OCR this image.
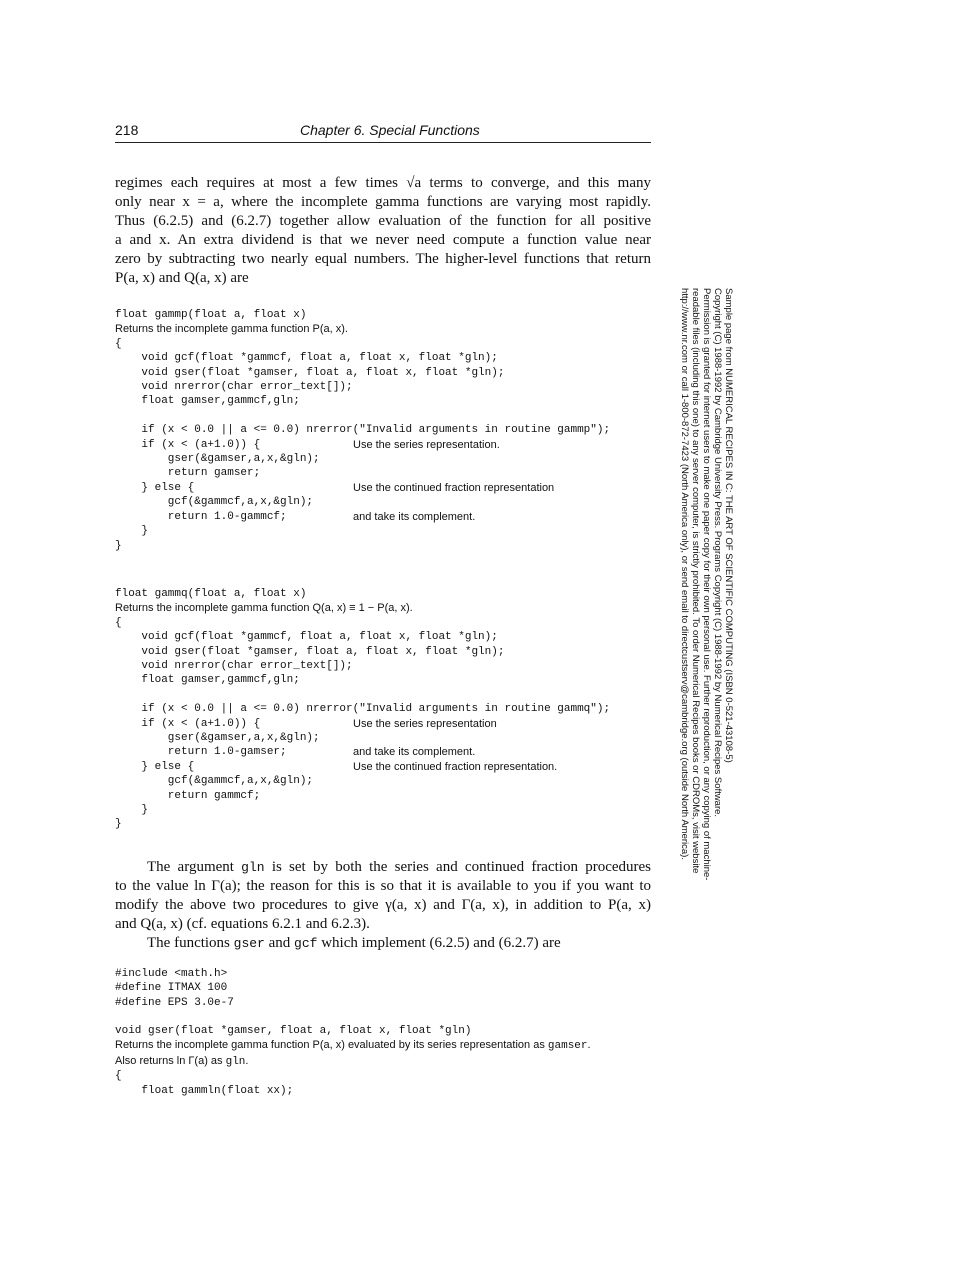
218	Chapter 6. Special Functions

regimes each requires at most a few times √a terms to converge, and this many
only near x = a, where the incomplete gamma functions are varying most rapidly.
Thus (6.2.5) and (6.2.7) together allow evaluation of the function for all positive
a and x. An extra dividend is that we never need compute a function value near
zero by subtracting two nearly equal numbers. The higher-level functions that return
P(a, x) and Q(a, x) are

float gammp(float a, float x)
Returns the incomplete gamma function P(a, x).
{
void gcf(float *gammcf, float a, float x, float *gln);
void gser(float *gamser, float a, float x, float *gln);
void nrerror(char error_text[]);
float gamser,gammcf,gln;

if (x < 0.0 || a <= 0.0) nrerror("Invalid arguments in routine gammp");
if (x < (a+1.0)) {	Use the series representation.
gser(&gamser,a,x,&gln);
return gamser;
} else {	Use the continued fraction representation
gcf(&gammcf,a,x,&gln);
return 1.0-gammcf;	and take its complement.
}
}
float gammq(float a, float x)
Returns the incomplete gamma function Q(a, x) ≡ 1 − P(a, x).
{
void gcf(float *gammcf, float a, float x, float *gln);
void gser(float *gamser, float a, float x, float *gln);
void nrerror(char error_text[]);
float gamser,gammcf,gln;

if (x < 0.0 || a <= 0.0) nrerror("Invalid arguments in routine gammq");
if (x < (a+1.0)) {	Use the series representation
gser(&gamser,a,x,&gln);
return 1.0-gamser;	and take its complement.
} else {	Use the continued fraction representation.
gcf(&gammcf,a,x,&gln);
return gammcf;
}
}

The argument gln is set by both the series and continued fraction procedures
to the value ln Γ(a); the reason for this is so that it is available to you if you want to
modify the above two procedures to give γ(a, x) and Γ(a, x), in addition to P(a, x)
and Q(a, x) (cf. equations 6.2.1 and 6.2.3).
The functions gser and gcf which implement (6.2.5) and (6.2.7) are

#include <math.h>
#define ITMAX 100
#define EPS 3.0e-7
void gser(float *gamser, float a, float x, float *gln)
Returns the incomplete gamma function P(a, x) evaluated by its series representation as gamser.
Also returns ln Γ(a) as gln.
{
float gammln(float xx);
Sample page from NUMERICAL RECIPES IN C: THE ART OF SCIENTIFIC COMPUTING (ISBN 0-521-43108-5)
Copyright (C) 1988-1992 by Cambridge University Press. Programs Copyright (C) 1988-1992 by Numerical Recipes Software.
Permission is granted for internet users to make one paper copy for their own personal use. Further reproduction, or any copying of machine-
readable files (including this one) to any server computer, is strictly prohibited. To order Numerical Recipes books or CDROMs, visit website
http://www.nr.com or call 1-800-872-7423 (North America only), or send email to directcustserv@cambridge.org (outside North America).
